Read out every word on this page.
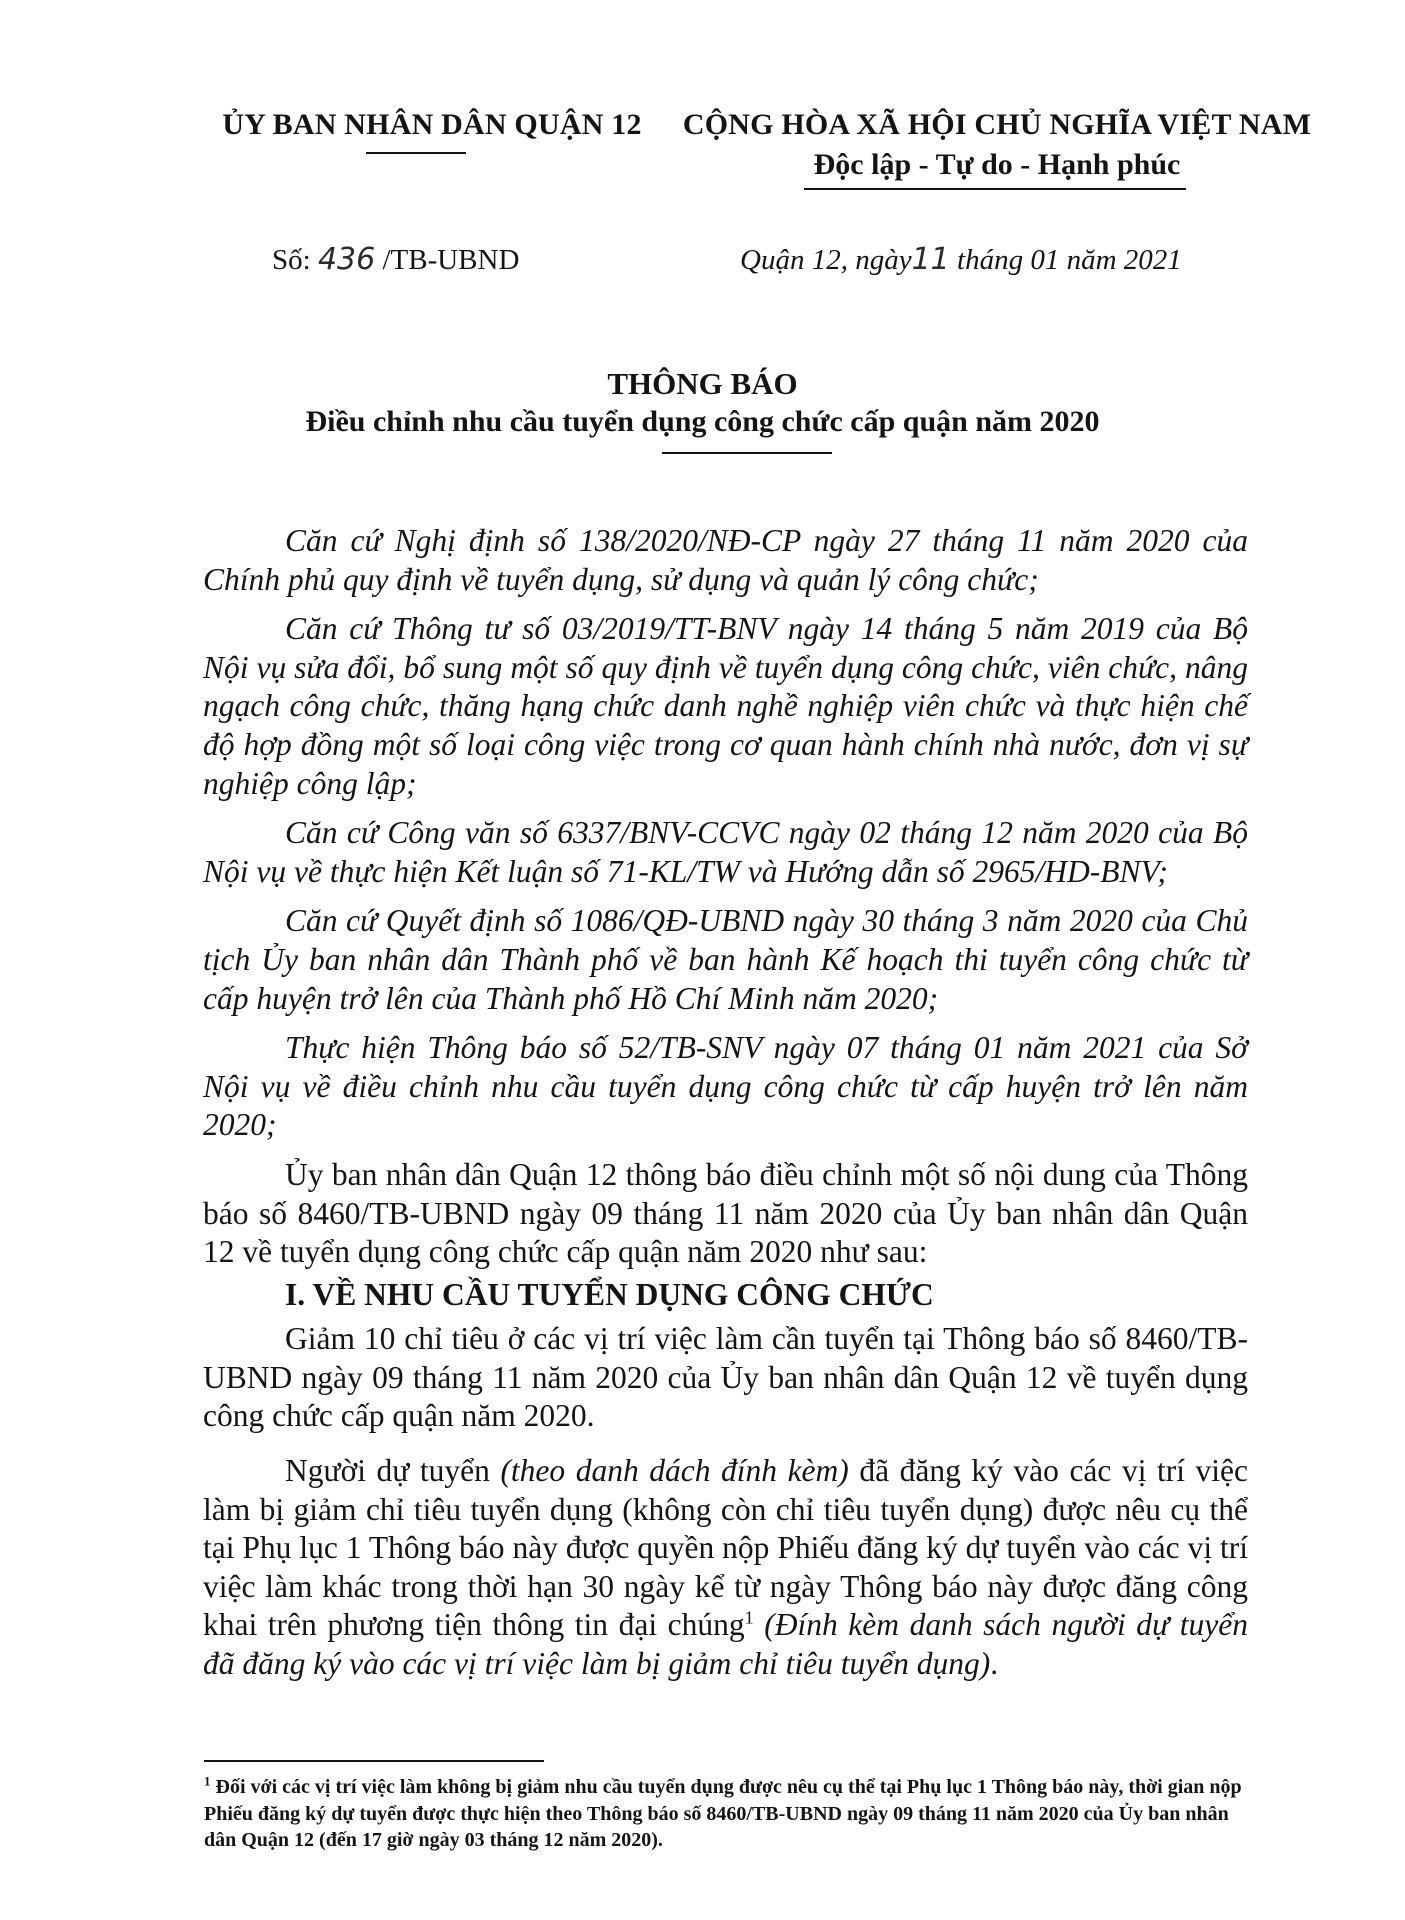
ỦY BAN NHÂN DÂN QUẬN 12	CỘNG HÒA XÃ HỘI CHỦ NGHĨA VIỆT NAM
Độc lập - Tự do - Hạnh phúc
Số: 436 /TB-UBND	Quận 12, ngày11 tháng 01 năm 2021
THÔNG BÁO
Điều chỉnh nhu cầu tuyển dụng công chức cấp quận năm 2020

Căn cứ Nghị định số 138/2020/NĐ-CP ngày 27 tháng 11 năm 2020 của Chính phủ quy định về tuyển dụng, sử dụng và quản lý công chức;

Căn cứ Thông tư số 03/2019/TT-BNV ngày 14 tháng 5 năm 2019 của Bộ Nội vụ sửa đổi, bổ sung một số quy định về tuyển dụng công chức, viên chức, nâng ngạch công chức, thăng hạng chức danh nghề nghiệp viên chức và thực hiện chế độ hợp đồng một số loại công việc trong cơ quan hành chính nhà nước, đơn vị sự nghiệp công lập;

Căn cứ Công văn số 6337/BNV-CCVC ngày 02 tháng 12 năm 2020 của Bộ Nội vụ về thực hiện Kết luận số 71-KL/TW và Hướng dẫn số 2965/HD-BNV;

Căn cứ Quyết định số 1086/QĐ-UBND ngày 30 tháng 3 năm 2020 của Chủ tịch Ủy ban nhân dân Thành phố về ban hành Kế hoạch thi tuyển công chức từ cấp huyện trở lên của Thành phố Hồ Chí Minh năm 2020;

Thực hiện Thông báo số 52/TB-SNV ngày 07 tháng 01 năm 2021 của Sở Nội vụ về điều chỉnh nhu cầu tuyển dụng công chức từ cấp huyện trở lên năm 2020;

Ủy ban nhân dân Quận 12 thông báo điều chỉnh một số nội dung của Thông báo số 8460/TB-UBND ngày 09 tháng 11 năm 2020 của Ủy ban nhân dân Quận 12 về tuyển dụng công chức cấp quận năm 2020 như sau:

I. VỀ NHU CẦU TUYỂN DỤNG CÔNG CHỨC

Giảm 10 chỉ tiêu ở các vị trí việc làm cần tuyển tại Thông báo số 8460/TB-UBND ngày 09 tháng 11 năm 2020 của Ủy ban nhân dân Quận 12 về tuyển dụng công chức cấp quận năm 2020.

Người dự tuyển (theo danh dách đính kèm) đã đăng ký vào các vị trí việc làm bị giảm chỉ tiêu tuyển dụng (không còn chỉ tiêu tuyển dụng) được nêu cụ thể tại Phụ lục 1 Thông báo này được quyền nộp Phiếu đăng ký dự tuyển vào các vị trí việc làm khác trong thời hạn 30 ngày kể từ ngày Thông báo này được đăng công khai trên phương tiện thông tin đại chúng$^1$ (Đính kèm danh sách người dự tuyển đã đăng ký vào các vị trí việc làm bị giảm chỉ tiêu tuyển dụng).

$^1$ Đối với các vị trí việc làm không bị giảm nhu cầu tuyển dụng được nêu cụ thể tại Phụ lục 1 Thông báo này, thời gian nộp Phiếu đăng ký dự tuyển được thực hiện theo Thông báo số 8460/TB-UBND ngày 09 tháng 11 năm 2020 của Ủy ban nhân dân Quận 12 (đến 17 giờ ngày 03 tháng 12 năm 2020).
